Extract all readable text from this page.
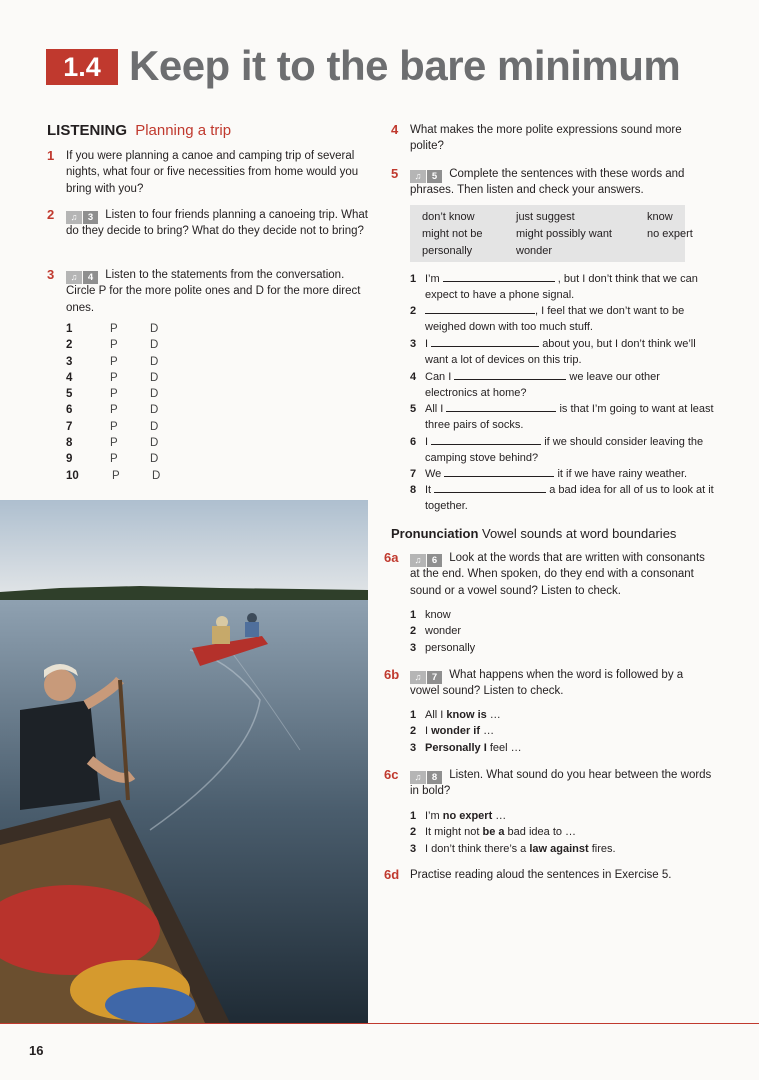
1.4 Keep it to the bare minimum
LISTENING Planning a trip
1 If you were planning a canoe and camping trip of several nights, what four or five necessities from home would you bring with you?
2 ♫ 3 Listen to four friends planning a canoeing trip. What do they decide to bring? What do they decide not to bring?
3 ♫ 4 Listen to the statements from the conversation. Circle P for the more polite ones and D for the more direct ones.
1	P	D
2	P	D
3	P	D
4	P	D
5	P	D
6	P	D
7	P	D
8	P	D
9	P	D
10	P	D
4 What makes the more polite expressions sound more polite?
5 ♫ 5 Complete the sentences with these words and phrases. Then listen and check your answers.
don’t know	just suggest	know
might not be	might possibly want	no expert
personally	wonder
1 I’m	, but I don’t think that we can expect to have a phone signal.
2	, I feel that we don’t want to be weighed down with too much stuff.
3 I	about you, but I don’t think we’ll want a lot of devices on this trip.
4 Can I	we leave our other electronics at home?
5 All I	is that I’m going to want at least three pairs of socks.
6 I	if we should consider leaving the camping stove behind?
7 We	it if we have rainy weather.
8 It	a bad idea for all of us to look at it together.
Pronunciation Vowel sounds at word boundaries
6a ♫ 6 Look at the words that are written with consonants at the end. When spoken, do they end with a consonant sound or a vowel sound? Listen to check.
1 know
2 wonder
3 personally
6b ♫ 7 What happens when the word is followed by a vowel sound? Listen to check.
1 All I know is …
2 I wonder if …
3 Personally I feel …
6c ♫ 8 Listen. What sound do you hear between the words in bold?
1 I’m no expert …
2 It might not be a bad idea to …
3 I don’t think there’s a law against fires.
6d Practise reading aloud the sentences in Exercise 5.
16
